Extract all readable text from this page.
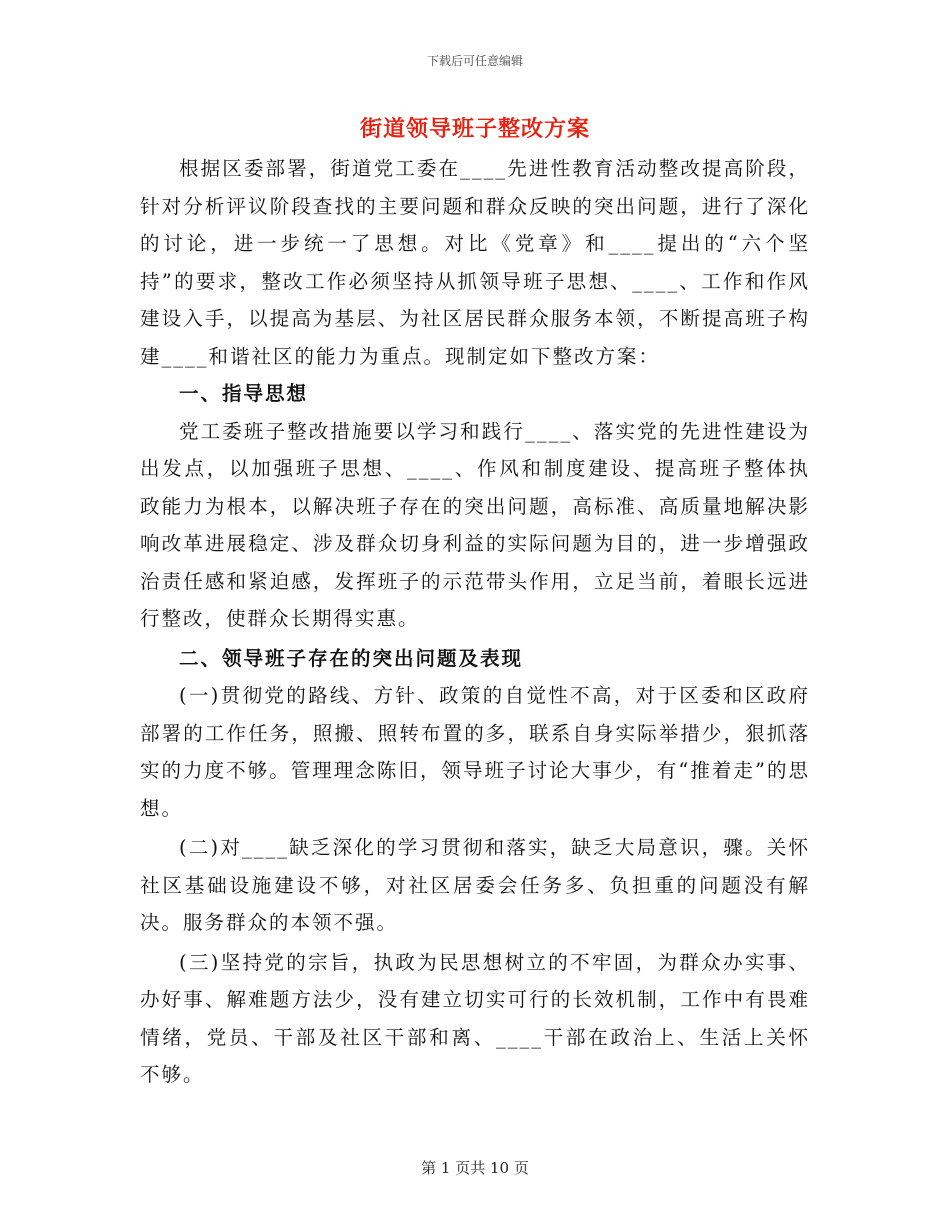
下载后可任意编辑
街道领导班子整改方案

根据区委部署，街道党工委在____先进性教育活动整改提高阶段，针对分析评议阶段查找的主要问题和群众反映的突出问题，进行了深化的讨论，进一步统一了思想。对比《党章》和____提出的“六个坚持”的要求，整改工作必须坚持从抓领导班子思想、____、工作和作风建设入手，以提高为基层、为社区居民群众服务本领，不断提高班子构建____和谐社区的能力为重点。现制定如下整改方案：

一、指导思想

党工委班子整改措施要以学习和践行____、落实党的先进性建设为出发点，以加强班子思想、____、作风和制度建设、提高班子整体执政能力为根本，以解决班子存在的突出问题，高标准、高质量地解决影响改革进展稳定、涉及群众切身利益的实际问题为目的，进一步增强政治责任感和紧迫感，发挥班子的示范带头作用，立足当前，着眼长远进行整改，使群众长期得实惠。

二、领导班子存在的突出问题及表现

(一)贯彻党的路线、方针、政策的自觉性不高，对于区委和区政府部署的工作任务，照搬、照转布置的多，联系自身实际举措少，狠抓落实的力度不够。管理理念陈旧，领导班子讨论大事少，有“推着走”的思想。

(二)对____缺乏深化的学习贯彻和落实，缺乏大局意识，骤。关怀社区基础设施建设不够，对社区居委会任务多、负担重的问题没有解决。服务群众的本领不强。

(三)坚持党的宗旨，执政为民思想树立的不牢固，为群众办实事、办好事、解难题方法少，没有建立切实可行的长效机制，工作中有畏难情绪，党员、干部及社区干部和离、____干部在政治上、生活上关怀不够。

第 1 页共 10 页
